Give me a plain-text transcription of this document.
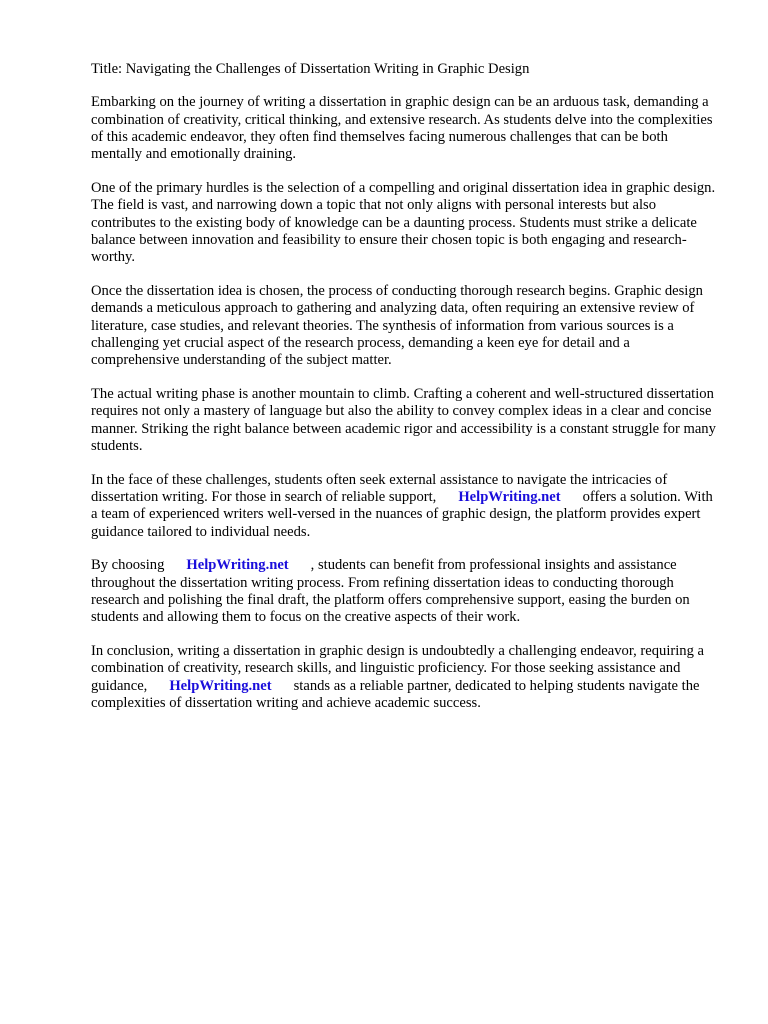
Title: Navigating the Challenges of Dissertation Writing in Graphic Design

Embarking on the journey of writing a dissertation in graphic design can be an arduous task, demanding a combination of creativity, critical thinking, and extensive research. As students delve into the complexities of this academic endeavor, they often find themselves facing numerous challenges that can be both mentally and emotionally draining.

One of the primary hurdles is the selection of a compelling and original dissertation idea in graphic design. The field is vast, and narrowing down a topic that not only aligns with personal interests but also contributes to the existing body of knowledge can be a daunting process. Students must strike a delicate balance between innovation and feasibility to ensure their chosen topic is both engaging and research-worthy.

Once the dissertation idea is chosen, the process of conducting thorough research begins. Graphic design demands a meticulous approach to gathering and analyzing data, often requiring an extensive review of literature, case studies, and relevant theories. The synthesis of information from various sources is a challenging yet crucial aspect of the research process, demanding a keen eye for detail and a comprehensive understanding of the subject matter.

The actual writing phase is another mountain to climb. Crafting a coherent and well-structured dissertation requires not only a mastery of language but also the ability to convey complex ideas in a clear and concise manner. Striking the right balance between academic rigor and accessibility is a constant struggle for many students.

In the face of these challenges, students often seek external assistance to navigate the intricacies of dissertation writing. For those in search of reliable support, HelpWriting.net offers a solution. With a team of experienced writers well-versed in the nuances of graphic design, the platform provides expert guidance tailored to individual needs.

By choosing HelpWriting.net , students can benefit from professional insights and assistance throughout the dissertation writing process. From refining dissertation ideas to conducting thorough research and polishing the final draft, the platform offers comprehensive support, easing the burden on students and allowing them to focus on the creative aspects of their work.

In conclusion, writing a dissertation in graphic design is undoubtedly a challenging endeavor, requiring a combination of creativity, research skills, and linguistic proficiency. For those seeking assistance and guidance, HelpWriting.net stands as a reliable partner, dedicated to helping students navigate the complexities of dissertation writing and achieve academic success.
